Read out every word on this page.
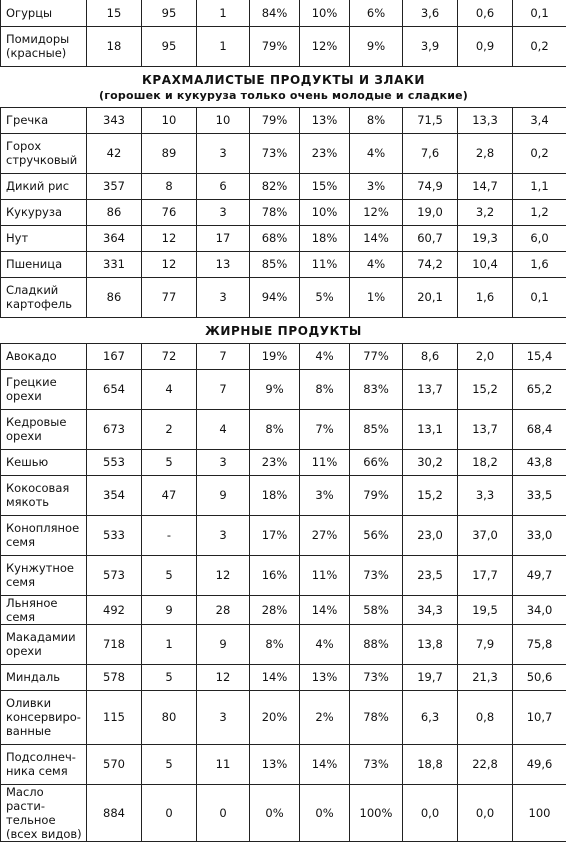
Огурцы	15	95	1	84%	10%	6%	3,6	0,6	0,1
Помидоры (красные)	18	95	1	79%	12%	9%	3,9	0,9	0,2

КРАХМАЛИСТЫЕ ПРОДУКТЫ И ЗЛАКИ
(горошек и кукуруза только очень молодые и сладкие)									

Гречка	343	10	10	79%	13%	8%	71,5	13,3	3,4
Горох стручковый	42	89	3	73%	23%	4%	7,6	2,8	0,2
Дикий рис	357	8	6	82%	15%	3%	74,9	14,7	1,1
Кукуруза	86	76	3	78%	10%	12%	19,0	3,2	1,2
Нут	364	12	17	68%	18%	14%	60,7	19,3	6,0
Пшеница	331	12	13	85%	11%	4%	74,2	10,4	1,6
Сладкий картофель	86	77	3	94%	5%	1%	20,1	1,6	0,1

ЖИРНЫЕ ПРОДУКТЫ									

Авокадо	167	72	7	19%	4%	77%	8,6	2,0	15,4
Грецкие орехи	654	4	7	9%	8%	83%	13,7	15,2	65,2
Кедровые орехи	673	2	4	8%	7%	85%	13,1	13,7	68,4
Кешью	553	5	3	23%	11%	66%	30,2	18,2	43,8
Кокосовая мякоть	354	47	9	18%	3%	79%	15,2	3,3	33,5
Конопляное семя	533	-	3	17%	27%	56%	23,0	37,0	33,0
Кунжутное семя	573	5	12	16%	11%	73%	23,5	17,7	49,7
Льняное семя	492	9	28	28%	14%	58%	34,3	19,5	34,0
Макадамии орехи	718	1	9	8%	4%	88%	13,8	7,9	75,8
Миндаль	578	5	12	14%	13%	73%	19,7	21,3	50,6
Оливки консервиро-ванные	115	80	3	20%	2%	78%	6,3	0,8	10,7
Подсолнеч-ника семя	570	5	11	13%	14%	73%	18,8	22,8	49,6
Масло расти-тельное (всех видов)	884	0	0	0%	0%	100%	0,0	0,0	100
